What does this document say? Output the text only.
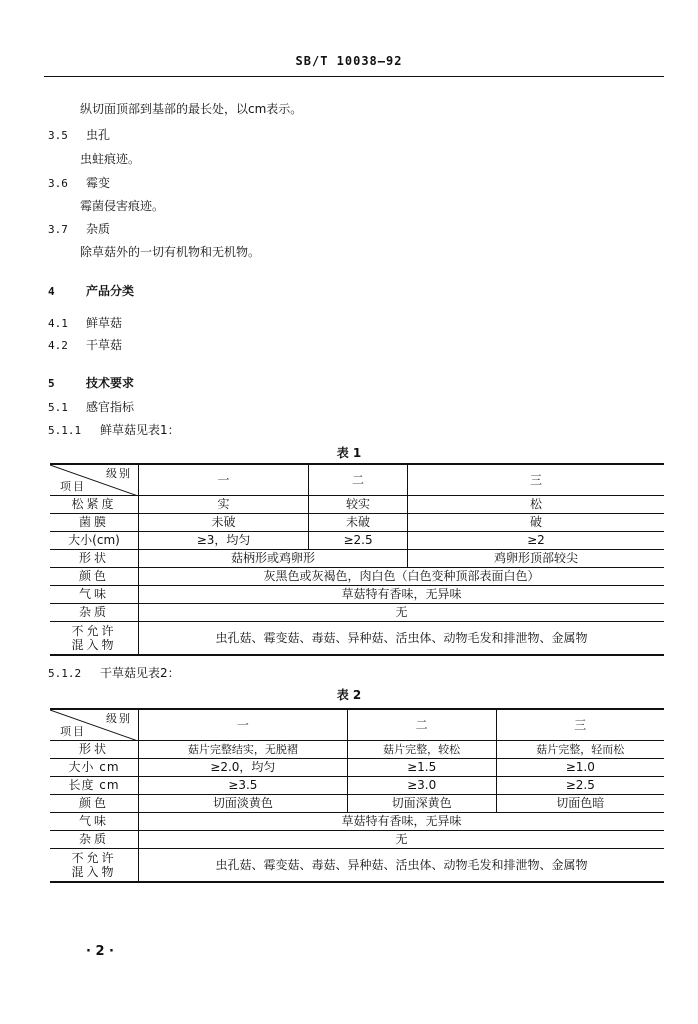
SB/T 10038—92
纵切面顶部到基部的最长处，以cm表示。
3.5 虫孔
虫蛀痕迹。
3.6 霉变
霉菌侵害痕迹。
3.7 杂质
除草菇外的一切有机物和无机物。
4	产品分类
4.1 鲜草菇
4.2 干草菇
5	技术要求
5.1 感官指标
5.1.1 鲜草菇见表1：
表 1
级别
项目	一	二	三
松紧度	实	较实	松
菌膜	未破	未破	破
大小(cm)	≥3，均匀	≥2.5	≥2
形状	菇柄形或鸡卵形		鸡卵形顶部较尖
颜色	灰黑色或灰褐色，肉白色（白色变种顶部表面白色）		
气味	草菇特有香味，无异味		
杂质	无		

不允许
混入物	虫孔菇、霉变菇、毒菇、异种菇、活虫体、动物毛发和排泄物、金属物		
5.1.2 干草菇见表2：
表 2
级别
项目	一	二	三
形状	菇片完整结实，无脱褶	菇片完整，较松	菇片完整，轻而松
大小 cm	≥2.0，均匀	≥1.5	≥1.0
长度 cm	≥3.5	≥3.0	≥2.5
颜色	切面淡黄色	切面深黄色	切面色暗
气味	草菇特有香味，无异味		
杂质	无		

不允许
混入物	虫孔菇、霉变菇、毒菇、异种菇、活虫体、动物毛发和排泄物、金属物		
· 2 ·
